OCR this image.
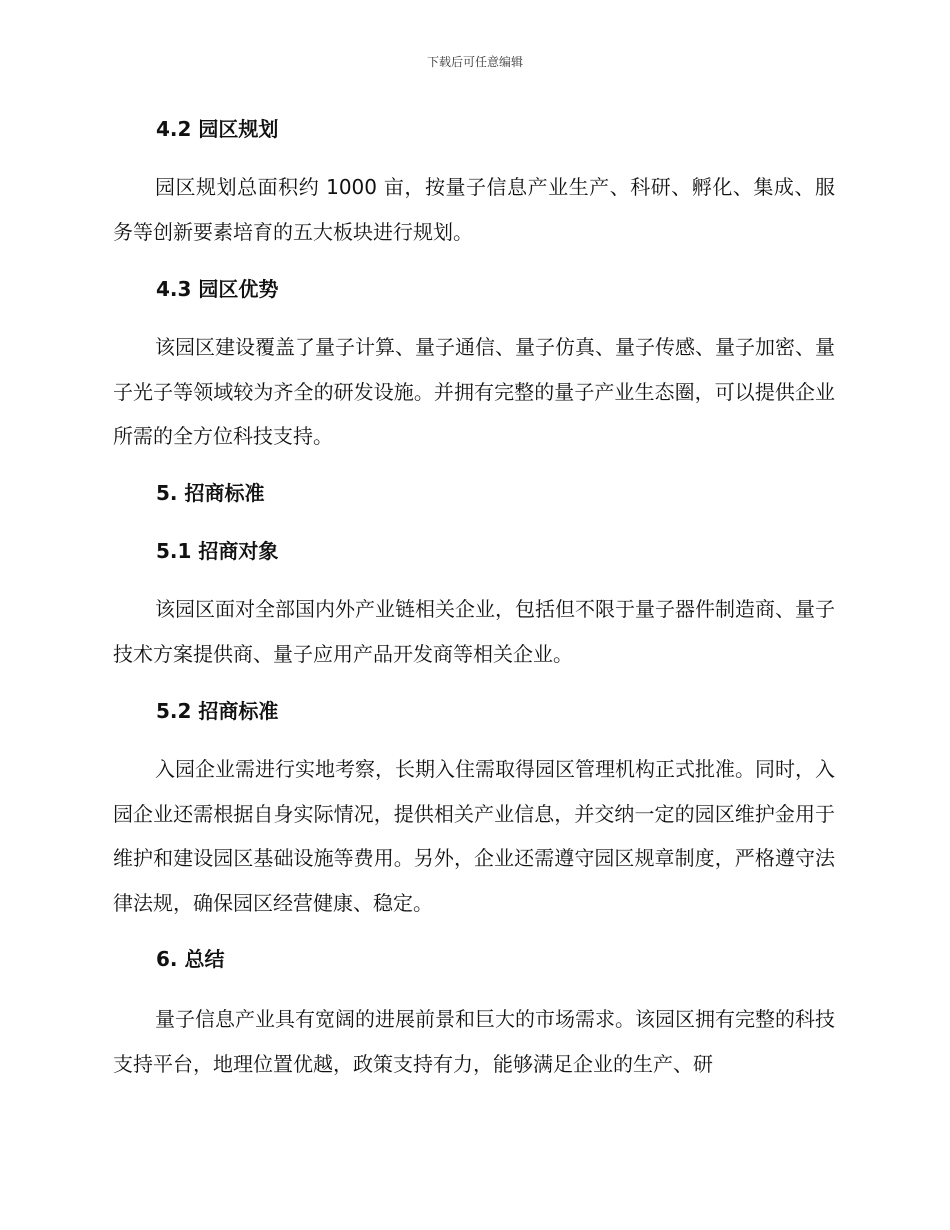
下载后可任意编辑
4.2 园区规划

园区规划总面积约 1000 亩，按量子信息产业生产、科研、孵化、集成、服务等创新要素培育的五大板块进行规划。

4.3 园区优势

该园区建设覆盖了量子计算、量子通信、量子仿真、量子传感、量子加密、量子光子等领域较为齐全的研发设施。并拥有完整的量子产业生态圈，可以提供企业所需的全方位科技支持。

5. 招商标准
5.1 招商对象

该园区面对全部国内外产业链相关企业，包括但不限于量子器件制造商、量子技术方案提供商、量子应用产品开发商等相关企业。

5.2 招商标准

入园企业需进行实地考察，长期入住需取得园区管理机构正式批准。同时，入园企业还需根据自身实际情况，提供相关产业信息，并交纳一定的园区维护金用于维护和建设园区基础设施等费用。另外，企业还需遵守园区规章制度，严格遵守法律法规，确保园区经营健康、稳定。

6. 总结

量子信息产业具有宽阔的进展前景和巨大的市场需求。该园区拥有完整的科技支持平台，地理位置优越，政策支持有力，能够满足企业的生产、研
